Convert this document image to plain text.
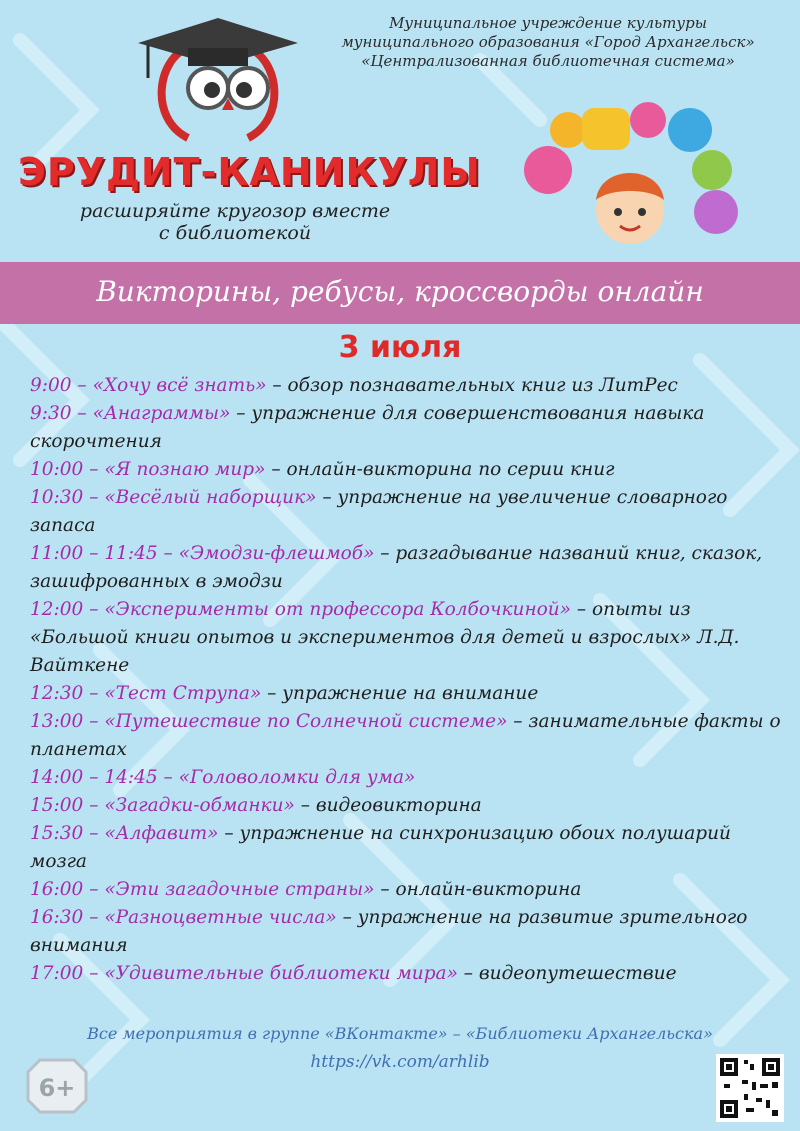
Муниципальное учреждение культуры
муниципального образования «Город Архангельск»
«Централизованная библиотечная система»
ЭРУДИТ-КАНИКУЛЫ
расширяйте кругозор вместе
с библиотекой
Викторины, ребусы, кроссворды онлайн
3 июля
9:00 – «Хочу всё знать» – обзор познавательных книг из ЛитРес
9:30 – «Анаграммы» – упражнение для совершенствования навыка скорочтения
10:00 – «Я познаю мир» – онлайн-викторина по серии книг
10:30 – «Весёлый наборщик» – упражнение на увеличение словарного запаса
11:00 – 11:45 – «Эмодзи-флешмоб» – разгадывание названий книг, сказок, зашифрованных в эмодзи
12:00 – «Эксперименты от профессора Колбочкиной» – опыты из «Большой книги опытов и экспериментов для детей и взрослых» Л.Д. Вайткене
12:30 – «Тест Струпа» – упражнение на внимание
13:00 – «Путешествие по Солнечной системе» – занимательные факты о планетах
14:00 – 14:45 – «Головоломки для ума»
15:00 – «Загадки-обманки» – видеовикторина
15:30 – «Алфавит» – упражнение на синхронизацию обоих полушарий мозга
16:00 – «Эти загадочные страны» – онлайн-викторина
16:30 – «Разноцветные числа» – упражнение на развитие зрительного внимания
17:00 – «Удивительные библиотеки мира» – видеопутешествие
Все мероприятия в группе «ВКонтакте» – «Библиотеки Архангельска»
https://vk.com/arhlib
6+
